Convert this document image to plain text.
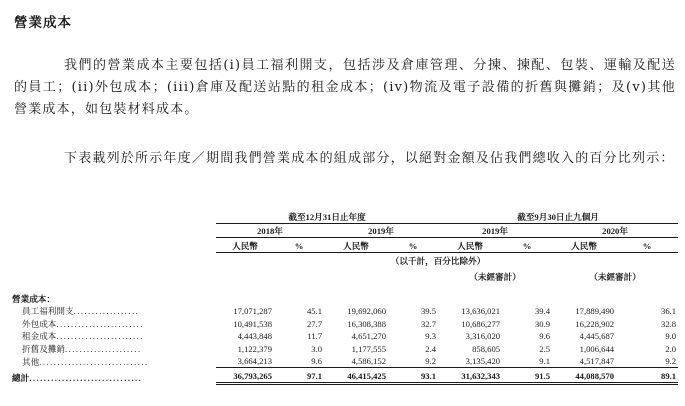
營業成本
我們的營業成本主要包括(i)員工福利開支，包括涉及倉庫管理、分揀、揀配、包裝、運輸及配送的員工；(ii)外包成本；(iii)倉庫及配送站點的租金成本；(iv)物流及電子設備的折舊與攤銷；及(v)其他營業成本，如包裝材料成本。
下表載列於所示年度／期間我們營業成本的組成部分，以絕對金額及佔我們總收入的百分比列示：
	截至12月31日止年度				截至9月30日止九個月			
	2018年		2019年		2019年		2020年	
	人民幣	%	人民幣	%	人民幣	%	人民幣	%
			（以千計，百分比除外）					
					（未經審計）		（未經審計）	

營業成本：								
員工福利開支..................	17,071,287	45.1	19,692,060	39.5	13,636,021	39.4	17,889,490	36.1
外包成本........................	10,491,538	27.7	16,308,388	32.7	10,686,277	30.9	16,228,902	32.8
租金成本........................	4,443,848	11.7	4,651,270	9.3	3,316,020	9.6	4,445,687	9.0
折舊及攤銷.....................	1,122,379	3.0	1,177,555	2.4	858,605	2.5	1,006,644	2.0
其他..............................	3,664,213	9.6	4,586,152	9.2	3,135,420	9.1	4,517,847	9.2
總計...............................	36,793,265	97.1	46,415,425	93.1	31,632,343	91.5	44,088,570	89.1
